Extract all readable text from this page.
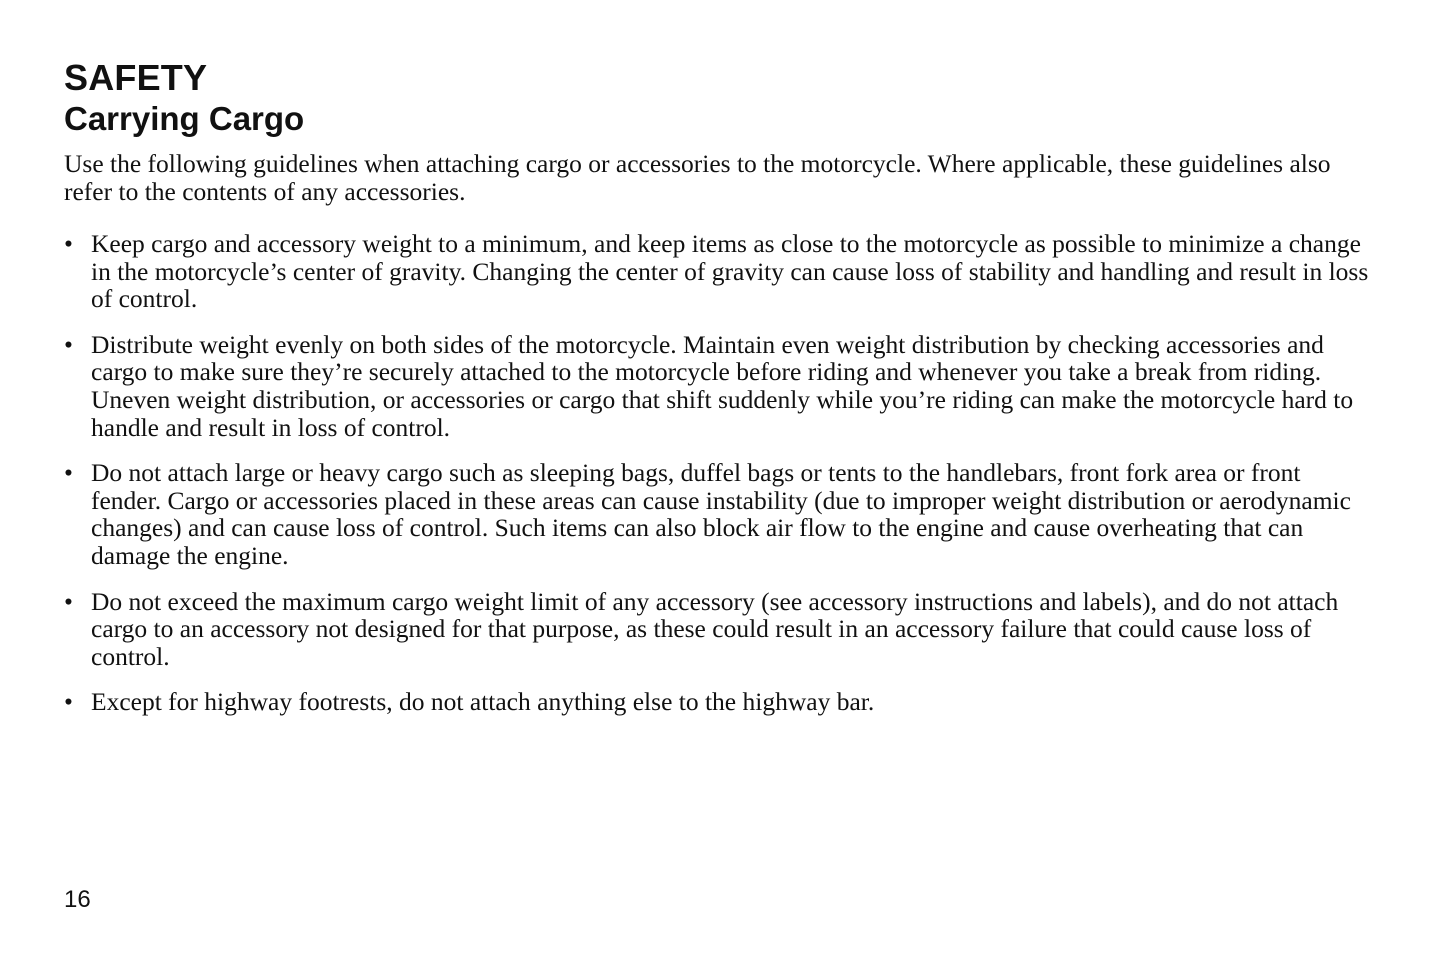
SAFETY
Carrying Cargo

Use the following guidelines when attaching cargo or accessories to the motorcycle. Where applicable, these guidelines also refer to the contents of any accessories.

• Keep cargo and accessory weight to a minimum, and keep items as close to the motorcycle as possible to minimize a change in the motorcycle’s center of gravity. Changing the center of gravity can cause loss of stability and handling and result in loss of control.
• Distribute weight evenly on both sides of the motorcycle. Maintain even weight distribution by checking accessories and cargo to make sure they’re securely attached to the motorcycle before riding and whenever you take a break from riding. Uneven weight distribution, or accessories or cargo that shift suddenly while you’re riding can make the motorcycle hard to handle and result in loss of control.
• Do not attach large or heavy cargo such as sleeping bags, duffel bags or tents to the handlebars, front fork area or front fender. Cargo or accessories placed in these areas can cause instability (due to improper weight distribution or aerodynamic changes) and can cause loss of control. Such items can also block air flow to the engine and cause overheating that can damage the engine.
• Do not exceed the maximum cargo weight limit of any accessory (see accessory instructions and labels), and do not attach cargo to an accessory not designed for that purpose, as these could result in an accessory failure that could cause loss of control.
• Except for highway footrests, do not attach anything else to the highway bar.
16
